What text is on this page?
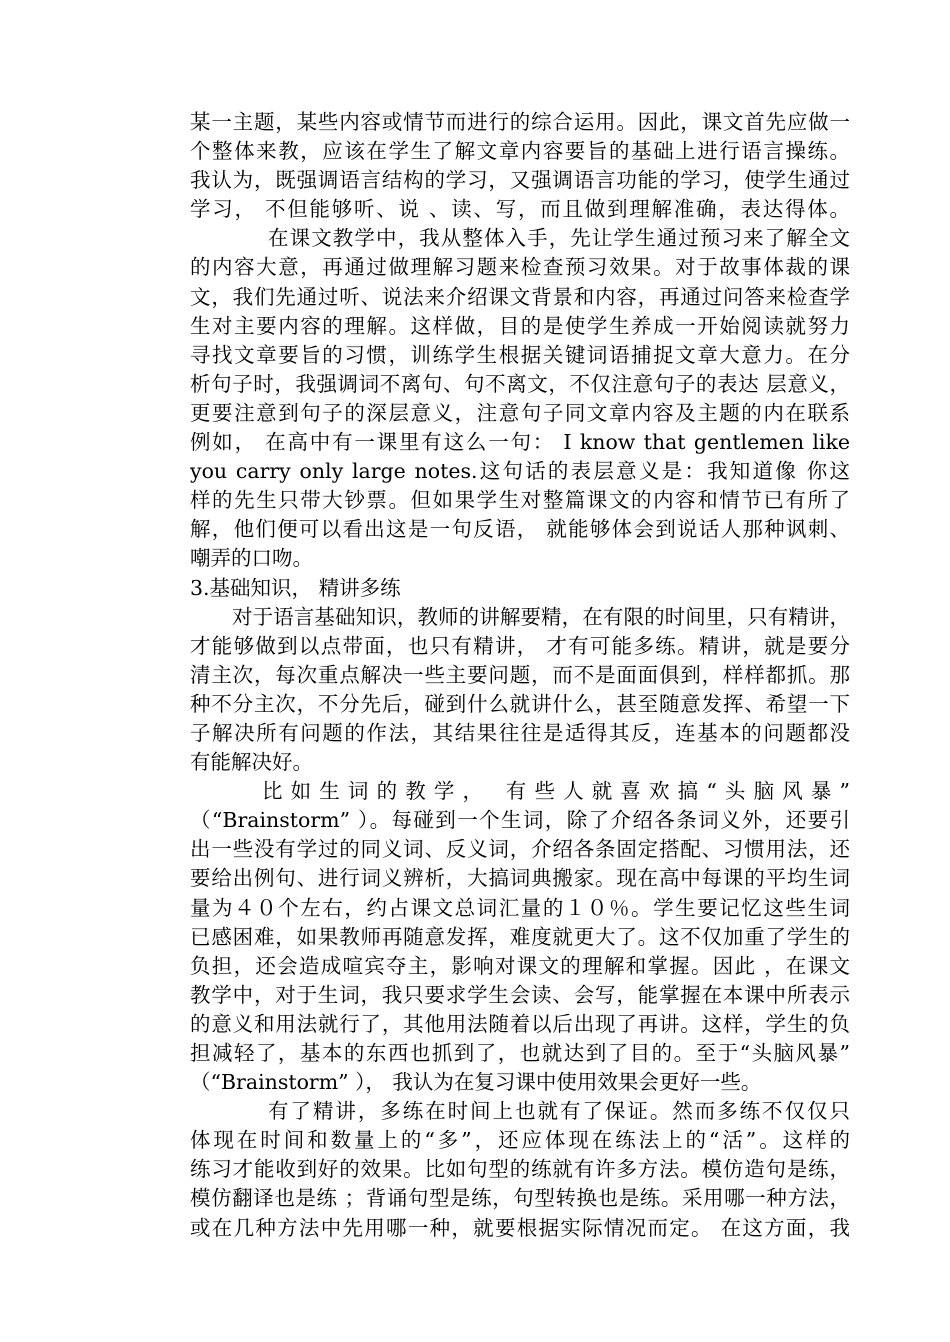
某一主题，某些内容或情节而进行的综合运用。因此，课文首先应做一
个整体来教，应该在学生了解文章内容要旨的基础上进行语言操练。
我认为，既强调语言结构的学习，又强调语言功能的学习，使学生通过
学习， 不但能够听、说 、读、写，而且做到理解准确，表达得体。
在课文教学中，我从整体入手，先让学生通过预习来了解全文
的内容大意，再通过做理解习题来检查预习效果。对于故事体裁的课
文，我们先通过听、说法来介绍课文背景和内容，再通过问答来检查学
生对主要内容的理解。这样做，目的是使学生养成一开始阅读就努力
寻找文章要旨的习惯，训练学生根据关键词语捕捉文章大意力。在分
析句子时，我强调词不离句、句不离文，不仅注意句子的表达 层意义，
更要注意到句子的深层意义，注意句子同文章内容及主题的内在联系
例如， 在高中有一课里有这么一句： I know that gentlemen like
you carry only large notes.这句话的表层意义是：我知道像 你这
样的先生只带大钞票。但如果学生对整篇课文的内容和情节已有所了
解，他们便可以看出这是一句反语， 就能够体会到说话人那种讽刺、
嘲弄的口吻。
3.基础知识， 精讲多练
对于语言基础知识，教师的讲解要精，在有限的时间里，只有精讲，
才能够做到以点带面，也只有精讲， 才有可能多练。精讲，就是要分
清主次，每次重点解决一些主要问题，而不是面面俱到，样样都抓。那
种不分主次，不分先后，碰到什么就讲什么，甚至随意发挥、希望一下
子解决所有问题的作法，其结果往往是适得其反，连基本的问题都没
有能解决好。
比如生词的教学， 有些人就喜欢搞“头脑风暴”
（“Brainstorm” ）。每碰到一个生词，除了介绍各条词义外，还要引
出一些没有学过的同义词、反义词，介绍各条固定搭配、习惯用法，还
要给出例句、进行词义辨析，大搞词典搬家。现在高中每课的平均生词
量为４０个左右，约占课文总词汇量的１０％。学生要记忆这些生词
已感困难，如果教师再随意发挥，难度就更大了。这不仅加重了学生的
负担，还会造成喧宾夺主，影响对课文的理解和掌握。因此 ，在课文
教学中，对于生词，我只要求学生会读、会写，能掌握在本课中所表示
的意义和用法就行了，其他用法随着以后出现了再讲。这样，学生的负
担减轻了，基本的东西也抓到了，也就达到了目的。至于“头脑风暴”
（“Brainstorm” ）， 我认为在复习课中使用效果会更好一些。
有了精讲，多练在时间上也就有了保证。然而多练不仅仅只
体现在时间和数量上的“多”，还应体现在练法上的“活”。这样的
练习才能收到好的效果。比如句型的练就有许多方法。模仿造句是练，
模仿翻译也是练 ；背诵句型是练，句型转换也是练。采用哪一种方法，
或在几种方法中先用哪一种，就要根据实际情况而定。 在这方面，我
